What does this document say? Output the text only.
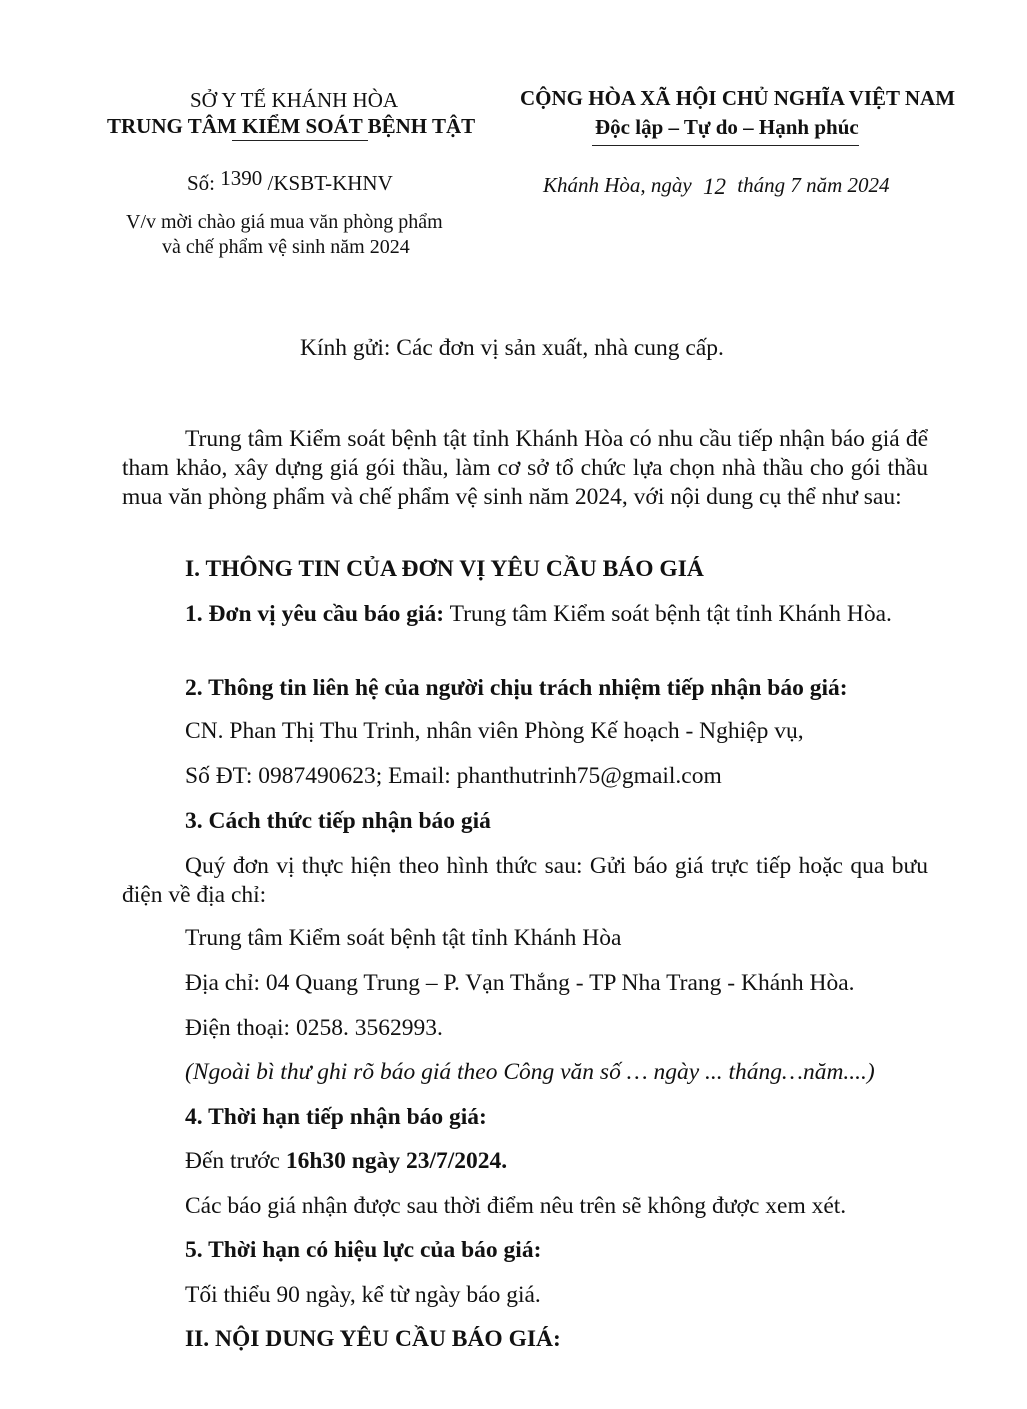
SỞ Y TẾ KHÁNH HÒA
TRUNG TÂM KIỂM SOÁT BỆNH TẬT
CỘNG HÒA XÃ HỘI CHỦ NGHĨA VIỆT NAM
Độc lập – Tự do – Hạnh phúc
Số: 1390 /KSBT-KHNV	Khánh Hòa, ngày 12 tháng 7 năm 2024
V/v mời chào giá mua văn phòng phẩm
và chế phẩm vệ sinh năm 2024
Kính gửi: Các đơn vị sản xuất, nhà cung cấp.
Trung tâm Kiểm soát bệnh tật tỉnh Khánh Hòa có nhu cầu tiếp nhận báo giá để tham khảo, xây dựng giá gói thầu, làm cơ sở tổ chức lựa chọn nhà thầu cho gói thầu mua văn phòng phẩm và chế phẩm vệ sinh năm 2024, với nội dung cụ thể như sau:
I. THÔNG TIN CỦA ĐƠN VỊ YÊU CẦU BÁO GIÁ
1. Đơn vị yêu cầu báo giá: Trung tâm Kiểm soát bệnh tật tỉnh Khánh Hòa.
2. Thông tin liên hệ của người chịu trách nhiệm tiếp nhận báo giá:
CN. Phan Thị Thu Trinh, nhân viên Phòng Kế hoạch - Nghiệp vụ,
Số ĐT: 0987490623; Email: phanthutrinh75@gmail.com
3. Cách thức tiếp nhận báo giá
Quý đơn vị thực hiện theo hình thức sau: Gửi báo giá trực tiếp hoặc qua bưu điện về địa chỉ:
Trung tâm Kiểm soát bệnh tật tỉnh Khánh Hòa
Địa chỉ: 04 Quang Trung – P. Vạn Thắng - TP Nha Trang - Khánh Hòa.
Điện thoại: 0258. 3562993.
(Ngoài bì thư ghi rõ báo giá theo Công văn số … ngày ... tháng…năm....)
4. Thời hạn tiếp nhận báo giá:
Đến trước 16h30 ngày 23/7/2024.
Các báo giá nhận được sau thời điểm nêu trên sẽ không được xem xét.
5. Thời hạn có hiệu lực của báo giá:
Tối thiểu 90 ngày, kể từ ngày báo giá.
II. NỘI DUNG YÊU CẦU BÁO GIÁ:
